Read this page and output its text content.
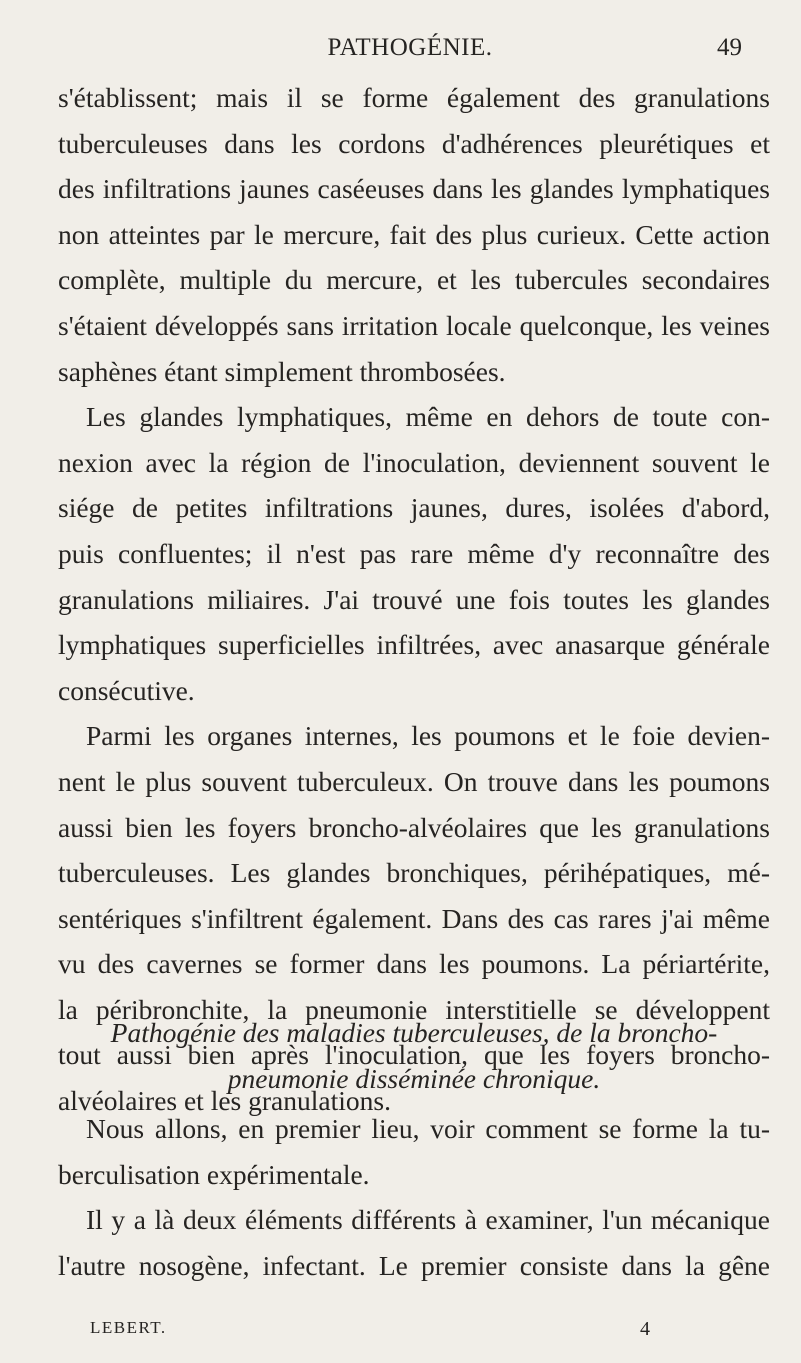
PATHOGÉNIE.	49
s'établissent; mais il se forme également des granulations
tuberculeuses dans les cordons d'adhérences pleurétiques et
des infiltrations jaunes caséeuses dans les glandes lymphatiques
non atteintes par le mercure, fait des plus curieux. Cette action
complète, multiple du mercure, et les tubercules secondaires
s'étaient développés sans irritation locale quelconque, les veines
saphènes étant simplement thrombosées.
Les glandes lymphatiques, même en dehors de toute con-
nexion avec la région de l'inoculation, deviennent souvent le
siége de petites infiltrations jaunes, dures, isolées d'abord,
puis confluentes; il n'est pas rare même d'y reconnaître des
granulations miliaires. J'ai trouvé une fois toutes les glandes
lymphatiques superficielles infiltrées, avec anasarque générale
consécutive.
Parmi les organes internes, les poumons et le foie devien-
nent le plus souvent tuberculeux. On trouve dans les poumons
aussi bien les foyers broncho-alvéolaires que les granulations
tuberculeuses. Les glandes bronchiques, périhépatiques, mé-
sentériques s'infiltrent également. Dans des cas rares j'ai même
vu des cavernes se former dans les poumons. La périartérite,
la péribronchite, la pneumonie interstitielle se développent
tout aussi bien après l'inoculation, que les foyers broncho-
alvéolaires et les granulations.
Pathogénie des maladies tuberculeuses, de la broncho-
pneumonie disséminée chronique.
Nous allons, en premier lieu, voir comment se forme la tu-
berculisation expérimentale.
Il y a là deux éléments différents à examiner, l'un mécanique
l'autre nosogène, infectant. Le premier consiste dans la gêne
LEBERT.	4
